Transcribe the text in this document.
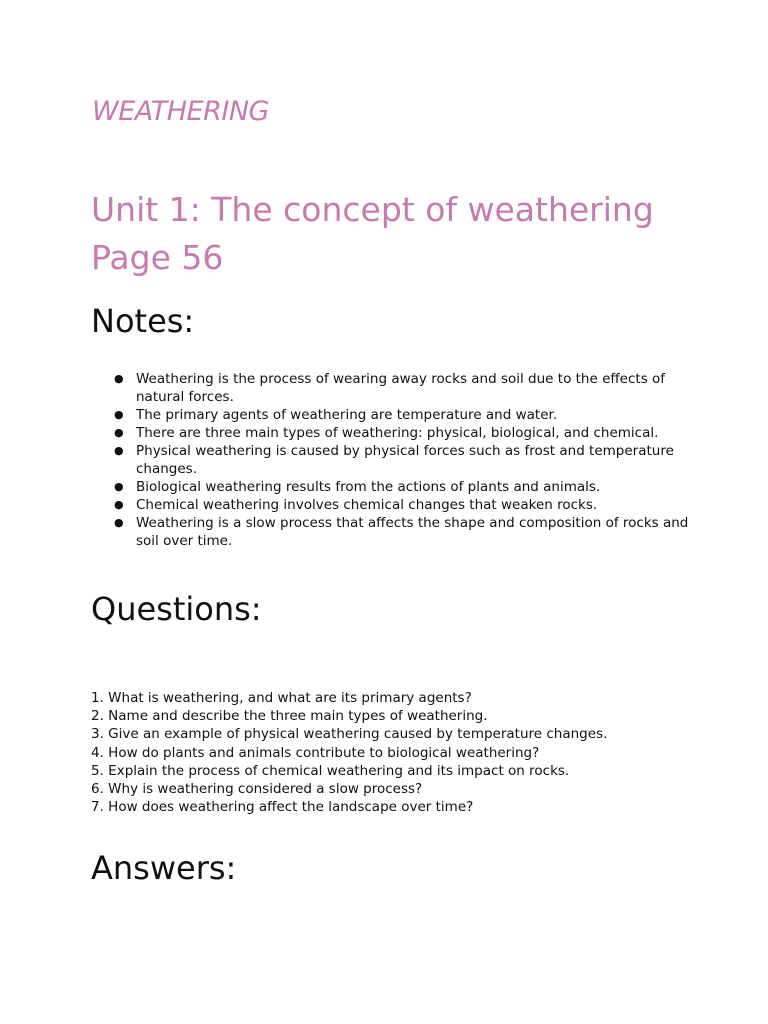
WEATHERING
Unit 1: The concept of weathering
Page 56
Notes:
● Weathering is the process of wearing away rocks and soil due to the effects of natural forces.
● The primary agents of weathering are temperature and water.
● There are three main types of weathering: physical, biological, and chemical.
● Physical weathering is caused by physical forces such as frost and temperature changes.
● Biological weathering results from the actions of plants and animals.
● Chemical weathering involves chemical changes that weaken rocks.
● Weathering is a slow process that affects the shape and composition of rocks and soil over time.
Questions:
1. What is weathering, and what are its primary agents?
2. Name and describe the three main types of weathering.
3. Give an example of physical weathering caused by temperature changes.
4. How do plants and animals contribute to biological weathering?
5. Explain the process of chemical weathering and its impact on rocks.
6. Why is weathering considered a slow process?
7. How does weathering affect the landscape over time?
Answers:
